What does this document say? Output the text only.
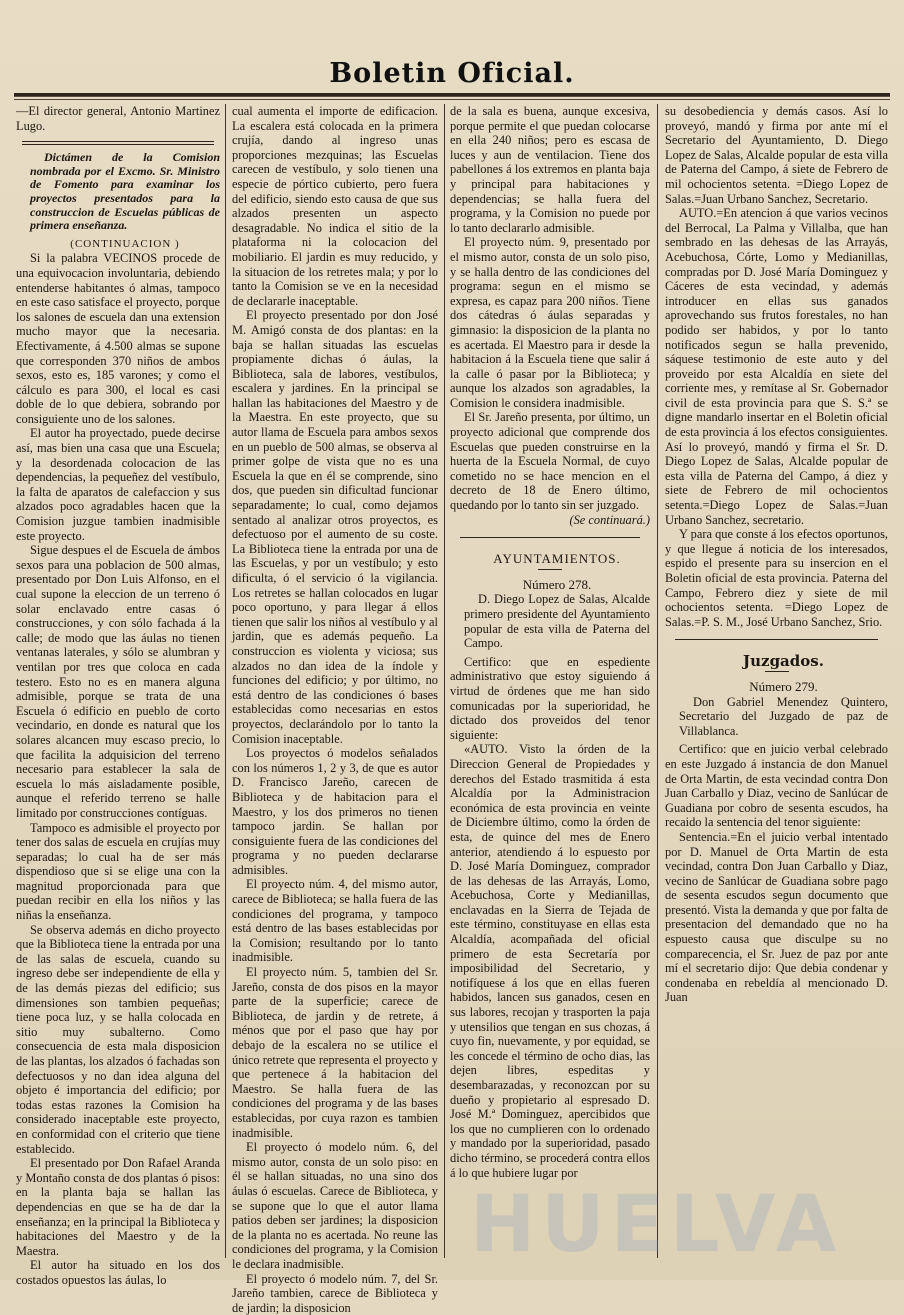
Boletin Oficial.

—El director general, Antonio Martinez Lugo.

Dictámen de la Comision nombrada por el Excmo. Sr. Ministro de Fomento para examinar los proyectos presentados para la construccion de Escuelas públicas de primera enseñanza.

(CONTINUACION )

Si la palabra VECINOS procede de una equivocacion involuntaria, debiendo entenderse habitantes ó almas, tampoco en este caso satisface el proyecto, porque los salones de escuela dan una extension mucho mayor que la necesaria. Efectivamente, á 4.500 almas se supone que corresponden 370 niños de ambos sexos, esto es, 185 varones; y como el cálculo es para 300, el local es casi doble de lo que debiera, sobrando por consiguiente uno de los salones.

El autor ha proyectado, puede decirse así, mas bien una casa que una Escuela; y la desordenada colocacion de las dependencias, la pequeñez del vestíbulo, la falta de aparatos de calefaccion y sus alzados poco agradables hacen que la Comision juzgue tambien inadmisible este proyecto.

Sigue despues el de Escuela de ámbos sexos para una poblacion de 500 almas, presentado por Don Luis Alfonso, en el cual supone la eleccion de un terreno ó solar enclavado entre casas ó construcciones, y con sólo fachada á la calle; de modo que las áulas no tienen ventanas laterales, y sólo se alumbran y ventilan por tres que coloca en cada testero. Esto no es en manera alguna admisible, porque se trata de una Escuela ó edificio en pueblo de corto vecindario, en donde es natural que los solares alcancen muy escaso precio, lo que facilita la adquisicion del terreno necesario para establecer la sala de escuela lo más aisladamente posible, aunque el referido terreno se halle limitado por construcciones contíguas.

Tampoco es admisible el proyecto por tener dos salas de escuela en crujías muy separadas; lo cual ha de ser más dispendioso que si se elige una con la magnitud proporcionada para que puedan recibir en ella los niños y las niñas la enseñanza.

Se observa además en dicho proyecto que la Biblioteca tiene la entrada por una de las salas de escuela, cuando su ingreso debe ser independiente de ella y de las demás piezas del edificio; sus dimensiones son tambien pequeñas; tiene poca luz, y se halla colocada en sitio muy subalterno. Como consecuencia de esta mala disposicion de las plantas, los alzados ó fachadas son defectuosos y no dan idea alguna del objeto é importancia del edificio; por todas estas razones la Comision ha considerado inaceptable este proyecto, en conformidad con el criterio que tiene establecido.

El presentado por Don Rafael Aranda y Montaño consta de dos plantas ó pisos: en la planta baja se hallan las dependencias en que se ha de dar la enseñanza; en la principal la Biblioteca y habitaciones del Maestro y de la Maestra.

El autor ha situado en los dos costados opuestos las áulas, lo

cual aumenta el importe de edificacion. La escalera está colocada en la primera crujía, dando al ingreso unas proporciones mezquinas; las Escuelas carecen de vestíbulo, y solo tienen una especie de pórtico cubierto, pero fuera del edificio, siendo esto causa de que sus alzados presenten un aspecto desagradable. No indica el sitio de la plataforma ni la colocacion del mobiliario. El jardin es muy reducido, y la situacion de los retretes mala; y por lo tanto la Comision se ve en la necesidad de declararle inaceptable.

El proyecto presentado por don José M. Amigó consta de dos plantas: en la baja se hallan situadas las escuelas propiamente dichas ó áulas, la Biblioteca, sala de labores, vestíbulos, escalera y jardines. En la principal se hallan las habitaciones del Maestro y de la Maestra. En este proyecto, que su autor llama de Escuela para ambos sexos en un pueblo de 500 almas, se observa al primer golpe de vista que no es una Escuela la que en él se comprende, sino dos, que pueden sin dificultad funcionar separadamente; lo cual, como dejamos sentado al analizar otros proyectos, es defectuoso por el aumento de su coste. La Biblioteca tiene la entrada por una de las Escuelas, y por un vestíbulo; y esto dificulta, ó el servicio ó la vigilancia. Los retretes se hallan colocados en lugar poco oportuno, y para llegar á ellos tienen que salir los niños al vestíbulo y al jardin, que es además pequeño. La construccion es violenta y viciosa; sus alzados no dan idea de la índole y funciones del edificio; y por último, no está dentro de las condiciones ó bases establecidas como necesarias en estos proyectos, declarándolo por lo tanto la Comision inaceptable.

Los proyectos ó modelos señalados con los números 1, 2 y 3, de que es autor D. Francisco Jareño, carecen de Biblioteca y de habitacion para el Maestro, y los dos primeros no tienen tampoco jardin. Se hallan por consiguiente fuera de las condiciones del programa y no pueden declararse admisibles.

El proyecto núm. 4, del mismo autor, carece de Biblioteca; se halla fuera de las condiciones del programa, y tampoco está dentro de las bases establecidas por la Comision; resultando por lo tanto inadmisible.

El proyecto núm. 5, tambien del Sr. Jareño, consta de dos pisos en la mayor parte de la superficie; carece de Biblioteca, de jardin y de retrete, á ménos que por el paso que hay por debajo de la escalera no se utilice el único retrete que representa el proyecto y que pertenece á la habitacion del Maestro. Se halla fuera de las condiciones del programa y de las bases establecidas, por cuya razon es tambien inadmisible.

El proyecto ó modelo núm. 6, del mismo autor, consta de un solo piso: en él se hallan situadas, no una sino dos áulas ó escuelas. Carece de Biblioteca, y se supone que lo que el autor llama patios deben ser jardines; la disposicion de la planta no es acertada. No reune las condiciones del programa, y la Comision le declara inadmisible.

El proyecto ó modelo núm. 7, del Sr. Jareño tambien, carece de Biblioteca y de jardin; la disposicion

de la sala es buena, aunque excesiva, porque permite el que puedan colocarse en ella 240 niños; pero es escasa de luces y aun de ventilacion. Tiene dos pabellones á los extremos en planta baja y principal para habitaciones y dependencias; se halla fuera del programa, y la Comision no puede por lo tanto declararlo admisible.

El proyecto núm. 9, presentado por el mismo autor, consta de un solo piso, y se halla dentro de las condiciones del programa: segun en el mismo se expresa, es capaz para 200 niños. Tiene dos cátedras ó áulas separadas y gimnasio: la disposicion de la planta no es acertada. El Maestro para ir desde la habitacion á la Escuela tiene que salir á la calle ó pasar por la Biblioteca; y aunque los alzados son agradables, la Comision le considera inadmisible.

El Sr. Jareño presenta, por último, un proyecto adicional que comprende dos Escuelas que pueden construirse en la huerta de la Escuela Normal, de cuyo cometido no se hace mencion en el decreto de 18 de Enero último, quedando por lo tanto sin ser juzgado.

(Se continuará.)

AYUNTAMIENTOS.

Número 278.

D. Diego Lopez de Salas, Alcalde primero presidente del Ayuntamiento popular de esta villa de Paterna del Campo.

Certifico: que en espediente administrativo que estoy siguiendo á virtud de órdenes que me han sido comunicadas por la superioridad, he dictado dos proveidos del tenor siguiente:

«AUTO. Visto la órden de la Direccion General de Propiedades y derechos del Estado trasmitida á esta Alcaldía por la Administracion económica de esta provincia en veinte de Diciembre último, como la órden de esta, de quince del mes de Enero anterior, atendiendo á lo espuesto por D. José María Dominguez, comprador de las dehesas de las Arrayás, Lomo, Acebuchosa, Corte y Medianillas, enclavadas en la Sierra de Tejada de este término, constituyase en ellas esta Alcaldía, acompañada del oficial primero de esta Secretaría por imposibilidad del Secretario, y notifíquese á los que en ellas fueren habidos, lancen sus ganados, cesen en sus labores, recojan y trasporten la paja y utensilios que tengan en sus chozas, á cuyo fin, nuevamente, y por equidad, se les concede el término de ocho dias, las dejen libres, espeditas y desembarazadas, y reconozcan por su dueño y propietario al espresado D. José M.ª Dominguez, apercibidos que los que no cumplieren con lo ordenado y mandado por la superioridad, pasado dicho término, se procederá contra ellos á lo que hubiere lugar por

su desobediencia y demás casos. Así lo proveyó, mandó y firma por ante mí el Secretario del Ayuntamiento, D. Diego Lopez de Salas, Alcalde popular de esta villa de Paterna del Campo, á siete de Febrero de mil ochocientos setenta. =Diego Lopez de Salas.=Juan Urbano Sanchez, Secretario.

AUTO.=En atencion á que varios vecinos del Berrocal, La Palma y Villalba, que han sembrado en las dehesas de las Arrayás, Acebuchosa, Córte, Lomo y Medianillas, compradas por D. José María Dominguez y Cáceres de esta vecindad, y además introducer en ellas sus ganados aprovechando sus frutos forestales, no han podido ser habidos, y por lo tanto notificados segun se halla prevenido, sáquese testimonio de este auto y del proveido por esta Alcaldía en siete del corriente mes, y remítase al Sr. Gobernador civil de esta provincia para que S. S.ª se digne mandarlo insertar en el Boletin oficial de esta provincia á los efectos consiguientes. Así lo proveyó, mandó y firma el Sr. D. Diego Lopez de Salas, Alcalde popular de esta villa de Paterna del Campo, á diez y siete de Febrero de mil ochocientos setenta.=Diego Lopez de Salas.=Juan Urbano Sanchez, secretario.

Y para que conste á los efectos oportunos, y que llegue á noticia de los interesados, espido el presente para su insercion en el Boletin oficial de esta provincia. Paterna del Campo, Febrero diez y siete de mil ochocientos setenta. =Diego Lopez de Salas.=P. S. M., José Urbano Sanchez, Srio.

Juzgados.

Número 279.

Don Gabriel Menendez Quintero, Secretario del Juzgado de paz de Villablanca.

Certifico: que en juicio verbal celebrado en este Juzgado á instancia de don Manuel de Orta Martin, de esta vecindad contra Don Juan Carballo y Diaz, vecino de Sanlúcar de Guadiana por cobro de sesenta escudos, ha recaido la sentencia del tenor siguiente:

Sentencia.=En el juicio verbal intentado por D. Manuel de Orta Martin de esta vecindad, contra Don Juan Carballo y Diaz, vecino de Sanlúcar de Guadiana sobre pago de sesenta escudos segun documento que presentó. Vista la demanda y que por falta de presentacion del demandado que no ha espuesto causa que disculpe su no comparecencia, el Sr. Juez de paz por ante mí el secretario dijo: Que debia condenar y condenaba en rebeldía al mencionado D. Juan

HUELVA
